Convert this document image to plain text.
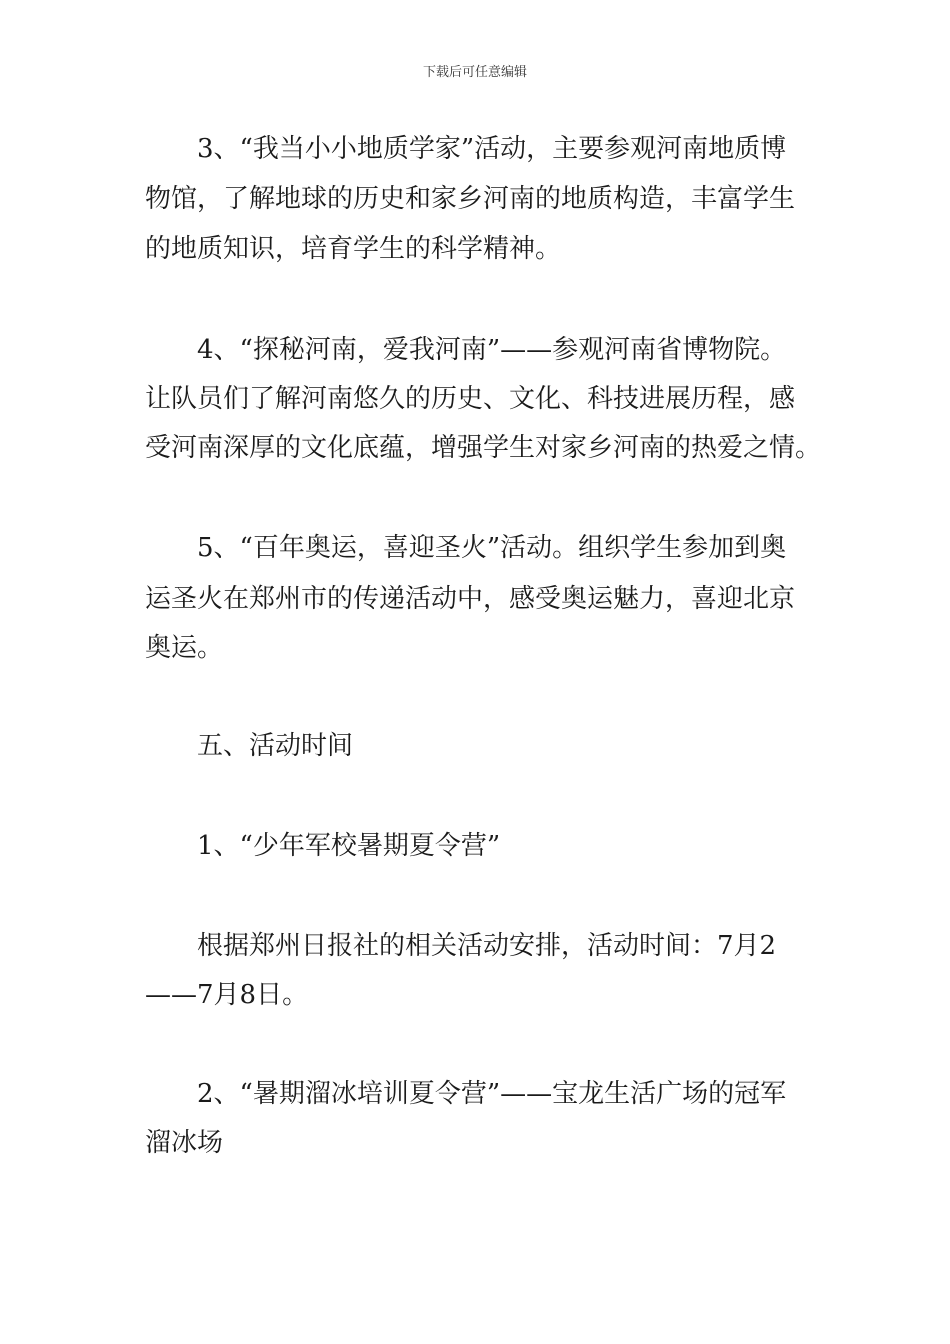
下载后可任意编辑
3、“我当小小地质学家”活动，主要参观河南地质博
物馆，了解地球的历史和家乡河南的地质构造，丰富学生
的地质知识，培育学生的科学精神。
4、“探秘河南，爱我河南”——参观河南省博物院。
让队员们了解河南悠久的历史、文化、科技进展历程，感
受河南深厚的文化底蕴，增强学生对家乡河南的热爱之情。
5、“百年奥运，喜迎圣火”活动。组织学生参加到奥
运圣火在郑州市的传递活动中，感受奥运魅力，喜迎北京
奥运。
五、活动时间
1、“少年军校暑期夏令营”
根据郑州日报社的相关活动安排，活动时间：7月2
——7月8日。
2、“暑期溜冰培训夏令营”——宝龙生活广场的冠军
溜冰场
